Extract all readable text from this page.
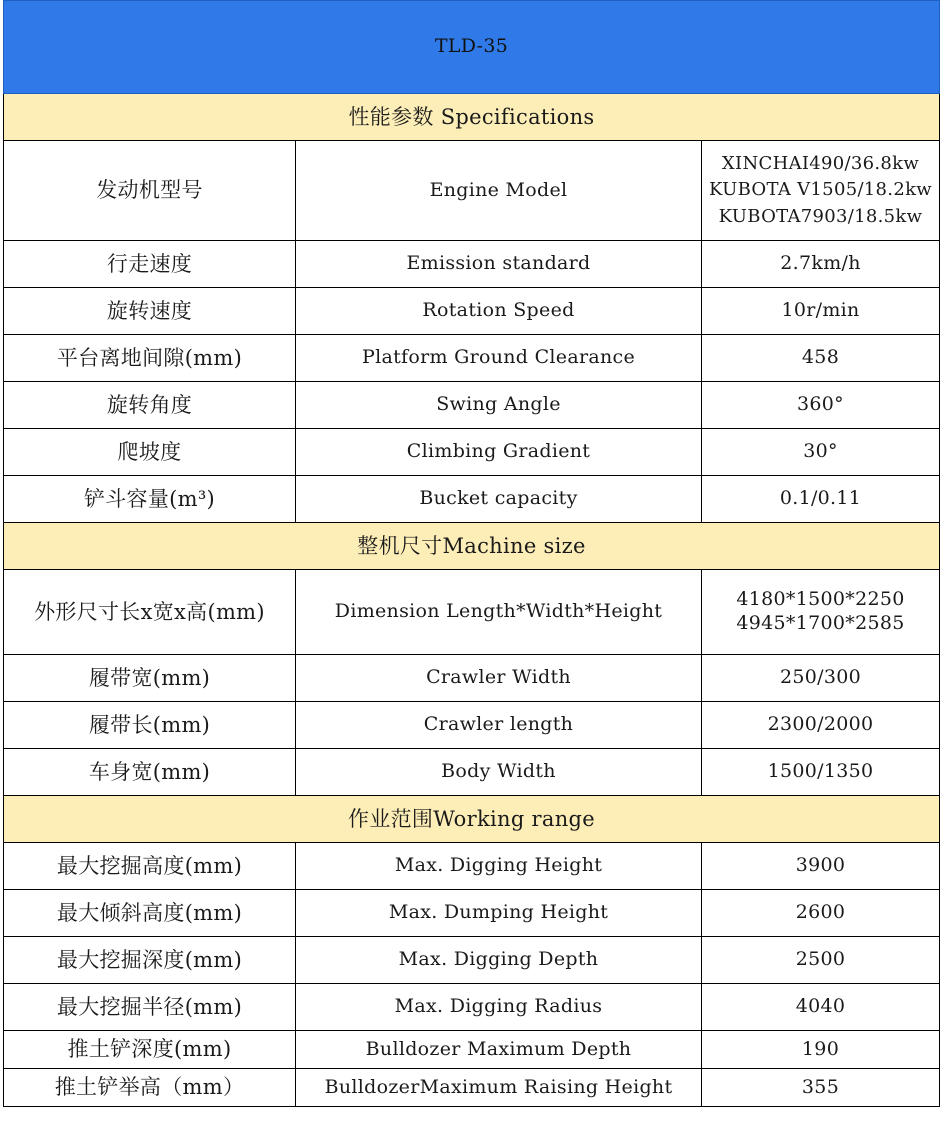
TLD-35		
性能参数 Specifications		
发动机型号	Engine Model	XINCHAI490/36.8kw
KUBOTA V1505/18.2kw
KUBOTA7903/18.5kw

行走速度	Emission standard	2.7km/h
旋转速度	Rotation Speed	10r/min
平台离地间隙(mm)	Platform Ground Clearance	458
旋转角度	Swing Angle	360°
爬坡度	Climbing Gradient	30°
铲斗容量(m³)	Bucket capacity	0.1/0.11
整机尺寸Machine size		
外形尺寸长x宽x高(mm)	Dimension Length*Width*Height	4180*1500*2250
4945*1700*2585

履带宽(mm)	Crawler Width	250/300
履带长(mm)	Crawler length	2300/2000
车身宽(mm)	Body Width	1500/1350
作业范围Working range		
最大挖掘高度(mm)	Max. Digging Height	3900
最大倾斜高度(mm)	Max. Dumping Height	2600
最大挖掘深度(mm)	Max. Digging Depth	2500
最大挖掘半径(mm)	Max. Digging Radius	4040
推土铲深度(mm)	Bulldozer Maximum Depth	190
推土铲举高（mm）	BulldozerMaximum Raising Height	355
